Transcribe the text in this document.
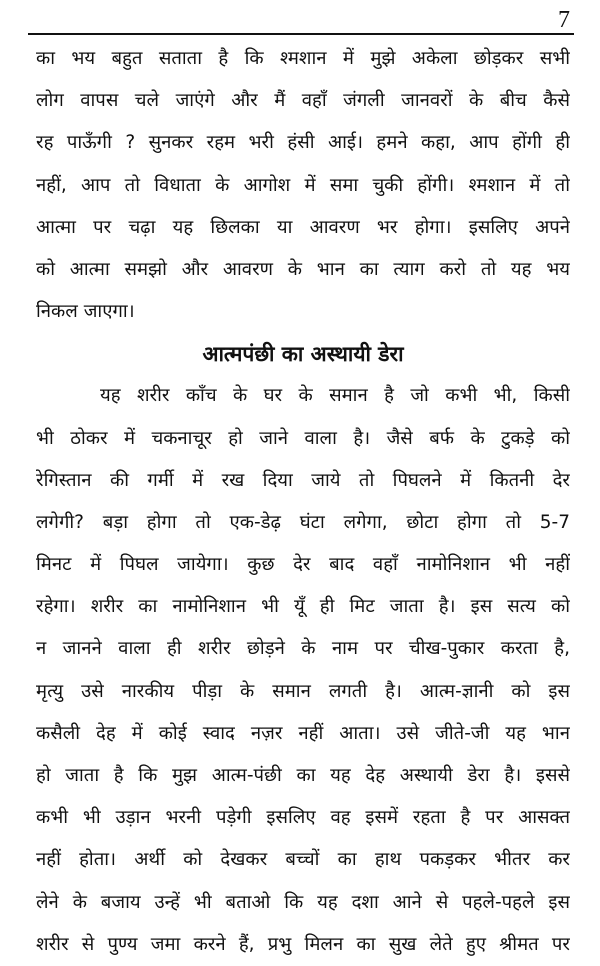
7
का भय बहुत सताता है कि श्मशान में मुझे अकेला छोड़कर सभी
लोग वापस चले जाएंगे और मैं वहाँ जंगली जानवरों के बीच कैसे
रह पाऊँगी ? सुनकर रहम भरी हंसी आई। हमने कहा, आप होंगी ही
नहीं, आप तो विधाता के आगोश में समा चुकी होंगी। श्मशान में तो
आत्मा पर चढ़ा यह छिलका या आवरण भर होगा। इसलिए अपने
को आत्मा समझो और आवरण के भान का त्याग करो तो यह भय
निकल जाएगा।
आत्मपंछी का अस्थायी डेरा
यह शरीर काँच के घर के समान है जो कभी भी, किसी
भी ठोकर में चकनाचूर हो जाने वाला है। जैसे बर्फ के टुकड़े को
रेगिस्तान की गर्मी में रख दिया जाये तो पिघलने में कितनी देर
लगेगी? बड़ा होगा तो एक-डेढ़ घंटा लगेगा, छोटा होगा तो 5-7
मिनट में पिघल जायेगा। कुछ देर बाद वहाँ नामोनिशान भी नहीं
रहेगा। शरीर का नामोनिशान भी यूँ ही मिट जाता है। इस सत्य को
न जानने वाला ही शरीर छोड़ने के नाम पर चीख-पुकार करता है,
मृत्यु उसे नारकीय पीड़ा के समान लगती है। आत्म-ज्ञानी को इस
कसैली देह में कोई स्वाद नज़र नहीं आता। उसे जीते-जी यह भान
हो जाता है कि मुझ आत्म-पंछी का यह देह अस्थायी डेरा है। इससे
कभी भी उड़ान भरनी पड़ेगी इसलिए वह इसमें रहता है पर आसक्त
नहीं होता। अर्थी को देखकर बच्चों का हाथ पकड़कर भीतर कर
लेने के बजाय उन्हें भी बताओ कि यह दशा आने से पहले-पहले इस
शरीर से पुण्य जमा करने हैं, प्रभु मिलन का सुख लेते हुए श्रीमत पर
